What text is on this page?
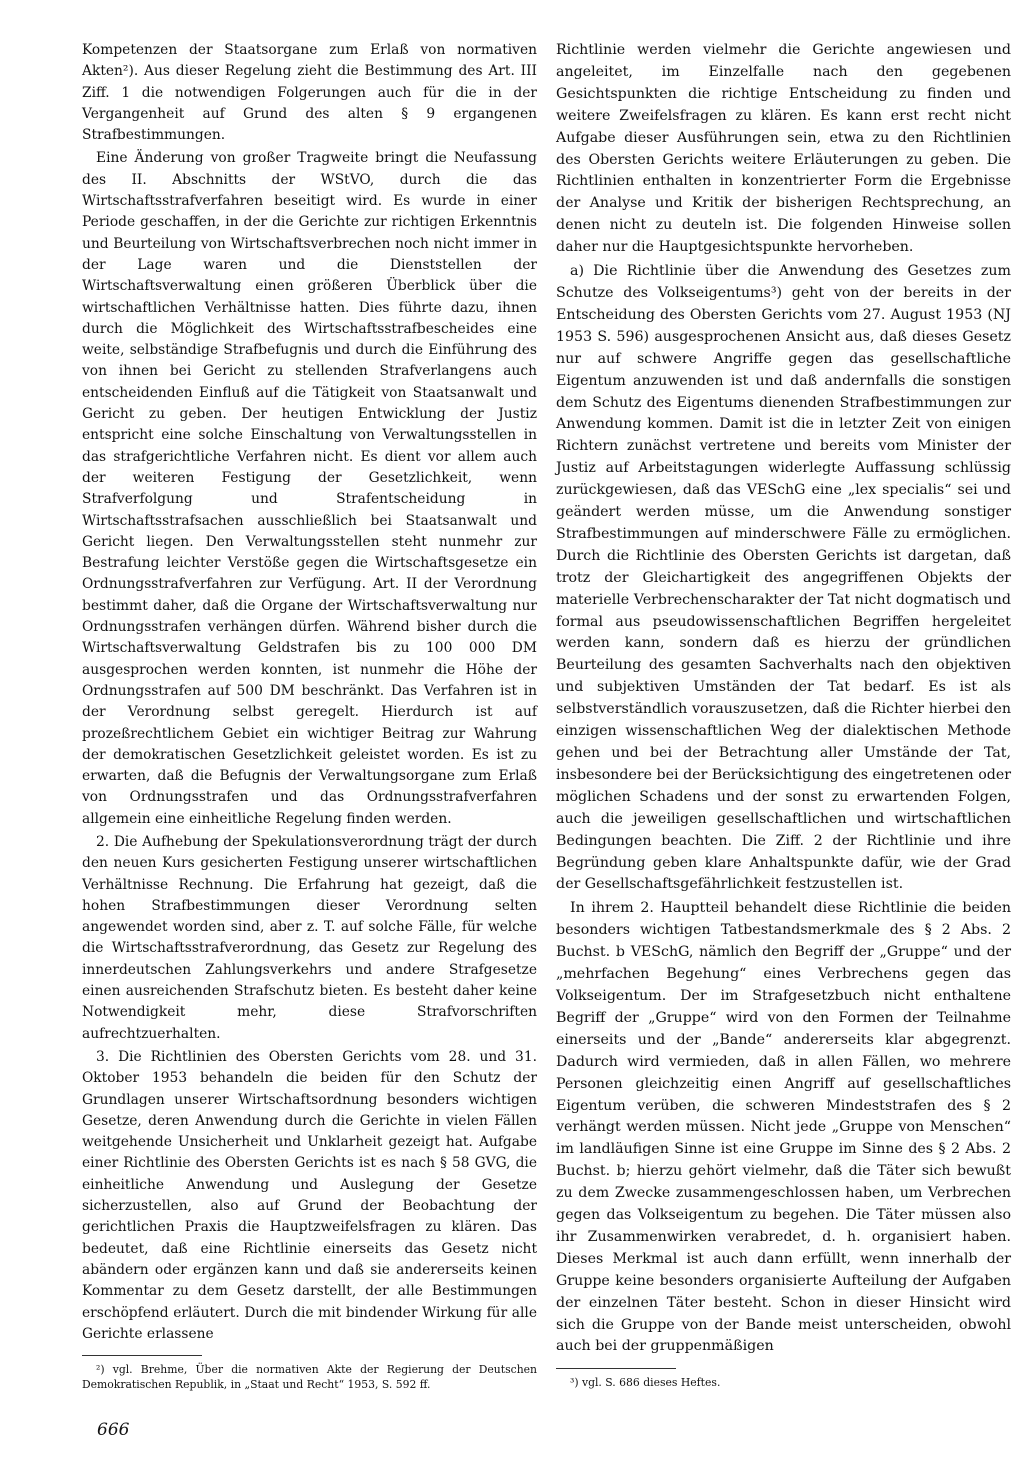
Kompetenzen der Staatsorgane zum Erlaß von normativen Akten²). Aus dieser Regelung zieht die Bestimmung des Art. III Ziff. 1 die notwendigen Folgerungen auch für die in der Vergangenheit auf Grund des alten § 9 ergangenen Strafbestimmungen.

Eine Änderung von großer Tragweite bringt die Neufassung des II. Abschnitts der WStVO, durch die das Wirtschaftsstrafverfahren beseitigt wird. Es wurde in einer Periode geschaffen, in der die Gerichte zur richtigen Erkenntnis und Beurteilung von Wirtschaftsverbrechen noch nicht immer in der Lage waren und die Dienststellen der Wirtschaftsverwaltung einen größeren Überblick über die wirtschaftlichen Verhältnisse hatten. Dies führte dazu, ihnen durch die Möglichkeit des Wirtschaftsstrafbescheides eine weite, selbständige Strafbefugnis und durch die Einführung des von ihnen bei Gericht zu stellenden Strafverlangens auch entscheidenden Einfluß auf die Tätigkeit von Staatsanwalt und Gericht zu geben. Der heutigen Entwicklung der Justiz entspricht eine solche Einschaltung von Verwaltungsstellen in das strafgerichtliche Verfahren nicht. Es dient vor allem auch der weiteren Festigung der Gesetzlichkeit, wenn Strafverfolgung und Strafentscheidung in Wirtschaftsstrafsachen ausschließlich bei Staatsanwalt und Gericht liegen. Den Verwaltungsstellen steht nunmehr zur Bestrafung leichter Verstöße gegen die Wirtschaftsgesetze ein Ordnungsstrafverfahren zur Verfügung. Art. II der Verordnung bestimmt daher, daß die Organe der Wirtschaftsverwaltung nur Ordnungsstrafen verhängen dürfen. Während bisher durch die Wirtschaftsverwaltung Geldstrafen bis zu 100 000 DM ausgesprochen werden konnten, ist nunmehr die Höhe der Ordnungsstrafen auf 500 DM beschränkt. Das Verfahren ist in der Verordnung selbst geregelt. Hierdurch ist auf prozeßrechtlichem Gebiet ein wichtiger Beitrag zur Wahrung der demokratischen Gesetzlichkeit geleistet worden. Es ist zu erwarten, daß die Befugnis der Verwaltungsorgane zum Erlaß von Ordnungsstrafen und das Ordnungsstrafverfahren allgemein eine einheitliche Regelung finden werden.

2. Die Aufhebung der Spekulationsverordnung trägt der durch den neuen Kurs gesicherten Festigung unserer wirtschaftlichen Verhältnisse Rechnung. Die Erfahrung hat gezeigt, daß die hohen Strafbestimmungen dieser Verordnung selten angewendet worden sind, aber z. T. auf solche Fälle, für welche die Wirtschaftsstrafverordnung, das Gesetz zur Regelung des innerdeutschen Zahlungsverkehrs und andere Strafgesetze einen ausreichenden Strafschutz bieten. Es besteht daher keine Notwendigkeit mehr, diese Strafvorschriften aufrechtzuerhalten.

3. Die Richtlinien des Obersten Gerichts vom 28. und 31. Oktober 1953 behandeln die beiden für den Schutz der Grundlagen unserer Wirtschaftsordnung besonders wichtigen Gesetze, deren Anwendung durch die Gerichte in vielen Fällen weitgehende Unsicherheit und Unklarheit gezeigt hat. Aufgabe einer Richtlinie des Obersten Gerichts ist es nach § 58 GVG, die einheitliche Anwendung und Auslegung der Gesetze sicherzustellen, also auf Grund der Beobachtung der gerichtlichen Praxis die Hauptzweifelsfragen zu klären. Das bedeutet, daß eine Richtlinie einerseits das Gesetz nicht abändern oder ergänzen kann und daß sie andererseits keinen Kommentar zu dem Gesetz darstellt, der alle Bestimmungen erschöpfend erläutert. Durch die mit bindender Wirkung für alle Gerichte erlassene

²) vgl. Brehme, Über die normativen Akte der Regierung der Deutschen Demokratischen Republik, in „Staat und Recht“ 1953, S. 592 ff.

Richtlinie werden vielmehr die Gerichte angewiesen und angeleitet, im Einzelfalle nach den gegebenen Gesichtspunkten die richtige Entscheidung zu finden und weitere Zweifelsfragen zu klären. Es kann erst recht nicht Aufgabe dieser Ausführungen sein, etwa zu den Richtlinien des Obersten Gerichts weitere Erläuterungen zu geben. Die Richtlinien enthalten in konzentrierter Form die Ergebnisse der Analyse und Kritik der bisherigen Rechtsprechung, an denen nicht zu deuteln ist. Die folgenden Hinweise sollen daher nur die Hauptgesichtspunkte hervorheben.

a) Die Richtlinie über die Anwendung des Gesetzes zum Schutze des Volkseigentums³) geht von der bereits in der Entscheidung des Obersten Gerichts vom 27. August 1953 (NJ 1953 S. 596) ausgesprochenen Ansicht aus, daß dieses Gesetz nur auf schwere Angriffe gegen das gesellschaftliche Eigentum anzuwenden ist und daß andernfalls die sonstigen dem Schutz des Eigentums dienenden Strafbestimmungen zur Anwendung kommen. Damit ist die in letzter Zeit von einigen Richtern zunächst vertretene und bereits vom Minister der Justiz auf Arbeitstagungen widerlegte Auffassung schlüssig zurückgewiesen, daß das VESchG eine „lex specialis“ sei und geändert werden müsse, um die Anwendung sonstiger Strafbestimmungen auf minderschwere Fälle zu ermöglichen. Durch die Richtlinie des Obersten Gerichts ist dargetan, daß trotz der Gleichartigkeit des angegriffenen Objekts der materielle Verbrechenscharakter der Tat nicht dogmatisch und formal aus pseudowissenschaftlichen Begriffen hergeleitet werden kann, sondern daß es hierzu der gründlichen Beurteilung des gesamten Sachverhalts nach den objektiven und subjektiven Umständen der Tat bedarf. Es ist als selbstverständlich vorauszusetzen, daß die Richter hierbei den einzigen wissenschaftlichen Weg der dialektischen Methode gehen und bei der Betrachtung aller Umstände der Tat, insbesondere bei der Berücksichtigung des eingetretenen oder möglichen Schadens und der sonst zu erwartenden Folgen, auch die jeweiligen gesellschaftlichen und wirtschaftlichen Bedingungen beachten. Die Ziff. 2 der Richtlinie und ihre Begründung geben klare Anhaltspunkte dafür, wie der Grad der Gesellschaftsgefährlichkeit festzustellen ist.

In ihrem 2. Hauptteil behandelt diese Richtlinie die beiden besonders wichtigen Tatbestandsmerkmale des § 2 Abs. 2 Buchst. b VESchG, nämlich den Begriff der „Gruppe“ und der „mehrfachen Begehung“ eines Verbrechens gegen das Volkseigentum. Der im Strafgesetzbuch nicht enthaltene Begriff der „Gruppe“ wird von den Formen der Teilnahme einerseits und der „Bande“ andererseits klar abgegrenzt. Dadurch wird vermieden, daß in allen Fällen, wo mehrere Personen gleichzeitig einen Angriff auf gesellschaftliches Eigentum verüben, die schweren Mindeststrafen des § 2 verhängt werden müssen. Nicht jede „Gruppe von Menschen“ im landläufigen Sinne ist eine Gruppe im Sinne des § 2 Abs. 2 Buchst. b; hierzu gehört vielmehr, daß die Täter sich bewußt zu dem Zwecke zusammengeschlossen haben, um Verbrechen gegen das Volkseigentum zu begehen. Die Täter müssen also ihr Zusammenwirken verabredet, d. h. organisiert haben. Dieses Merkmal ist auch dann erfüllt, wenn innerhalb der Gruppe keine besonders organisierte Aufteilung der Aufgaben der einzelnen Täter besteht. Schon in dieser Hinsicht wird sich die Gruppe von der Bande meist unterscheiden, obwohl auch bei der gruppenmäßigen

³) vgl. S. 686 dieses Heftes.

666
